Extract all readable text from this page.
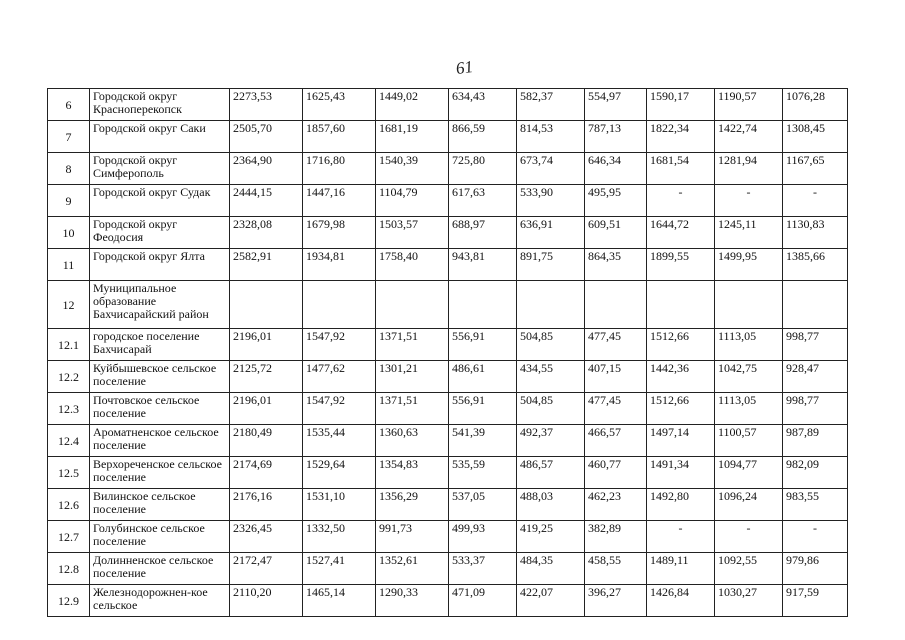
61
6	Городской округ Красноперекопск	2273,53	1625,43	1449,02	634,43	582,37	554,97	1590,17	1190,57	1076,28
7	Городской округ Саки	2505,70	1857,60	1681,19	866,59	814,53	787,13	1822,34	1422,74	1308,45
8	Городской округ Симферополь	2364,90	1716,80	1540,39	725,80	673,74	646,34	1681,54	1281,94	1167,65
9	Городской округ Судак	2444,15	1447,16	1104,79	617,63	533,90	495,95	-	-	-
10	Городской округ Феодосия	2328,08	1679,98	1503,57	688,97	636,91	609,51	1644,72	1245,11	1130,83
11	Городской округ Ялта	2582,91	1934,81	1758,40	943,81	891,75	864,35	1899,55	1499,95	1385,66
12	Муниципальное образование Бахчисарайский район									
12.1	городское поселение Бахчисарай	2196,01	1547,92	1371,51	556,91	504,85	477,45	1512,66	1113,05	998,77
12.2	Куйбышевское сельское поселение	2125,72	1477,62	1301,21	486,61	434,55	407,15	1442,36	1042,75	928,47
12.3	Почтовское сельское поселение	2196,01	1547,92	1371,51	556,91	504,85	477,45	1512,66	1113,05	998,77
12.4	Ароматненское сельское поселение	2180,49	1535,44	1360,63	541,39	492,37	466,57	1497,14	1100,57	987,89
12.5	Верхореченское сельское поселение	2174,69	1529,64	1354,83	535,59	486,57	460,77	1491,34	1094,77	982,09
12.6	Вилинское сельское поселение	2176,16	1531,10	1356,29	537,05	488,03	462,23	1492,80	1096,24	983,55
12.7	Голубинское сельское поселение	2326,45	1332,50	991,73	499,93	419,25	382,89	-	-	-
12.8	Долинненское сельское поселение	2172,47	1527,41	1352,61	533,37	484,35	458,55	1489,11	1092,55	979,86
12.9	Железнодорожнен-кое сельское	2110,20	1465,14	1290,33	471,09	422,07	396,27	1426,84	1030,27	917,59
